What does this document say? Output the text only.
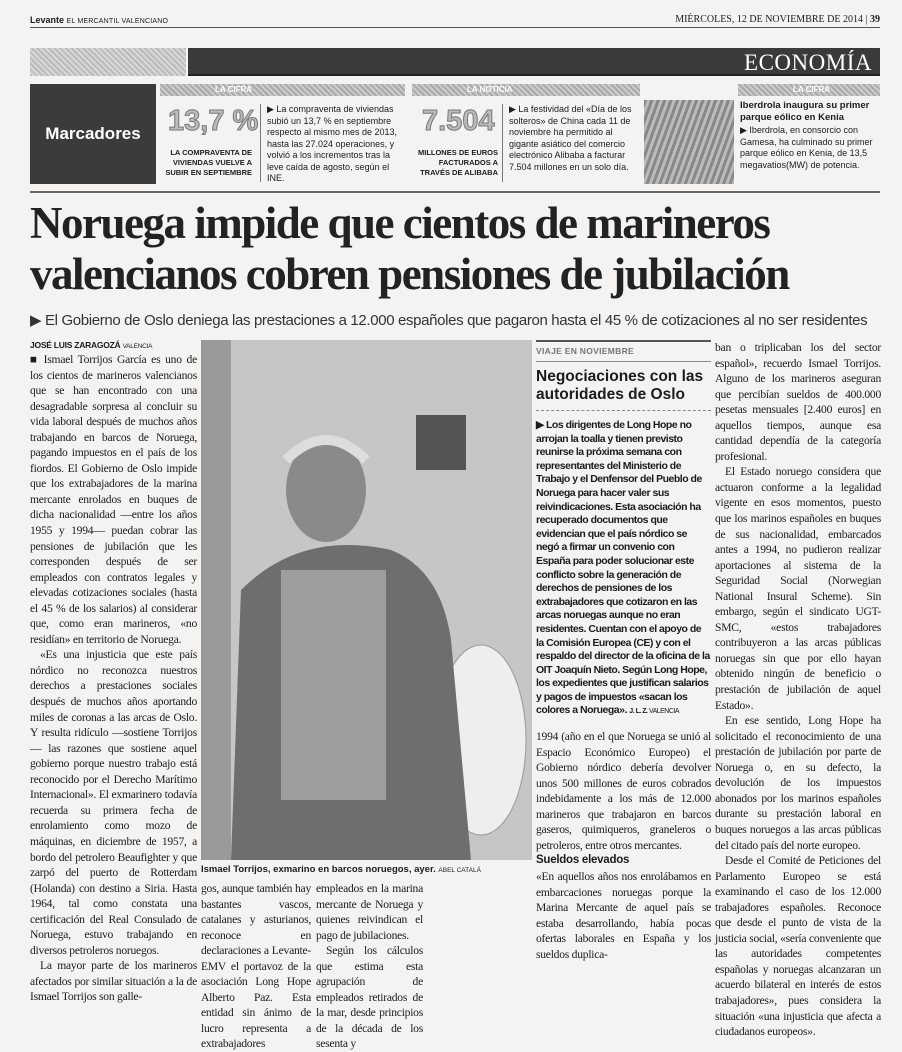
Levante EL MERCANTIL VALENCIANO	MIÉRCOLES, 12 DE NOVIEMBRE DE 2014 | 39
ECONOMÍA
Marcadores
LA CIFRA
13,7 %
LA COMPRAVENTA DE VIVIENDAS VUELVE A SUBIR EN SEPTIEMBRE
▶ La compraventa de viviendas subió un 13,7 % en septiembre respecto al mismo mes de 2013, hasta las 27.024 operaciones, y volvió a los incrementos tras la leve caída de agosto, según el INE.
LA NOTICIA
7.504
MILLONES DE EUROS FACTURADOS A TRAVÉS DE ALIBABA
▶ La festividad del «Día de los solteros» de China cada 11 de noviembre ha permitido al gigante asiático del comercio electrónico Alibaba a facturar 7.504 millones en un solo día.
LA CIFRA
Iberdrola inaugura su primer parque eólico en Kenia
▶ Iberdrola, en consorcio con Gamesa, ha culminado su primer parque eólico en Kenia, de 13,5 megavatios(MW) de potencia.
Noruega impide que cientos de marineros valencianos cobren pensiones de jubilación
▶ El Gobierno de Oslo deniega las prestaciones a 12.000 españoles que pagaron hasta el 45 % de cotizaciones al no ser residentes

JOSÉ LUIS ZARAGOZÁ VALENCIA

■ Ismael Torrijos García es uno de los cientos de marineros valencianos que se han encontrado con una desagradable sorpresa al concluir su vida laboral después de muchos años trabajando en barcos de Noruega, pagando impuestos en el país de los fiordos. El Gobierno de Oslo impide que los extrabajadores de la marina mercante enrolados en buques de dicha nacionalidad —entre los años 1955 y 1994— puedan cobrar las pensiones de jubilación que les corresponden después de ser empleados con contratos legales y elevadas cotizaciones sociales (hasta el 45 % de los salarios) al considerar que, como eran marineros, «no residían» en territorio de Noruega.

«Es una injusticia que este país nórdico no reconozca nuestros derechos a prestaciones sociales después de muchos años aportando miles de coronas a las arcas de Oslo. Y resulta ridículo —sostiene Torrijos— las razones que sostiene aquel gobierno porque nuestro trabajo está reconocido por el Derecho Marítimo Internacional». El exmarinero todavía recuerda su primera fecha de enrolamiento como mozo de máquinas, en diciembre de 1957, a bordo del petrolero Beaufighter y que zarpó del puerto de Rotterdam (Holanda) con destino a Siria. Hasta 1964, tal como constata una certificación del Real Consulado de Noruega, estuvo trabajando en diversos petroleros noruegos.

La mayor parte de los marineros afectados por similar situación a la de Ismael Torrijos son galle-

Ismael Torrijos, exmarino en barcos noruegos, ayer. ABEL CATALÁ

gos, aunque también hay bastantes vascos, catalanes y asturianos, reconoce en declaraciones a Levante-EMV el portavoz de la asociación Long Hope Alberto Paz. Esta entidad sin ánimo de lucro representa a extrabajadores

empleados en la marina mercante de Noruega y quienes reivindican el pago de jubilaciones.

Según los cálculos que estima esta agrupación de empleados retirados de la mar, desde principios de la década de los sesenta y

VIAJE EN NOVIEMBRE
Negociaciones con las autoridades de Oslo
▶ Los dirigentes de Long Hope no arrojan la toalla y tienen previsto reunirse la próxima semana con representantes del Ministerio de Trabajo y el Denfensor del Pueblo de Noruega para hacer valer sus reivindicaciones. Esta asociación ha recuperado documentos que evidencian que el país nórdico se negó a firmar un convenio con España para poder solucionar este conflicto sobre la generación de derechos de pensiones de los extrabajadores que cotizaron en las arcas noruegas aunque no eran residentes. Cuentan con el apoyo de la Comisión Europea (CE) y con el respaldo del director de la oficina de la OIT Joaquín Nieto. Según Long Hope, los expedientes que justifican salarios y pagos de impuestos «sacan los colores a Noruega». J. L. Z. VALENCIA

1994 (año en el que Noruega se unió al Espacio Económico Europeo) el Gobierno nórdico debería devolver unos 500 millones de euros cobrados indebidamente a los más de 12.000 marineros que trabajaron en barcos gaseros, quimiqueros, graneleros o petroleros, entre otros mercantes.

Sueldos elevados

«En aquellos años nos enrolábamos en embarcaciones noruegas porque la Marina Mercante de aquel país se estaba desarrollando, había pocas ofertas laborales en España y los sueldos duplica-

ban o triplicaban los del sector español», recuerdo Ismael Torrijos. Alguno de los marineros aseguran que percibían sueldos de 400.000 pesetas mensuales [2.400 euros] en aquellos tiempos, aunque esa cantidad dependía de la categoría profesional.

El Estado noruego considera que actuaron conforme a la legalidad vigente en esos momentos, puesto que los marinos españoles en buques de sus nacionalidad, embarcados antes a 1994, no pudieron realizar aportaciones al sistema de la Seguridad Social (Norwegian National Insural Scheme). Sin embargo, según el sindicato UGT-SMC, «estos trabajadores contribuyeron a las arcas públicas noruegas sin que por ello hayan obtenido ningún de beneficio o prestación de jubilación de aquel Estado».

En ese sentido, Long Hope ha solicitado el reconocimiento de una prestación de jubilación por parte de Noruega o, en su defecto, la devolución de los impuestos abonados por los marinos españoles durante su prestación laboral en buques noruegos a las arcas públicas del citado país del norte europeo.

Desde el Comité de Peticiones del Parlamento Europeo se está examinando el caso de los 12.000 trabajadores españoles. Reconoce que desde el punto de vista de la justicia social, «sería conveniente que las autoridades competentes españolas y noruegas alcanzaran un acuerdo bilateral en interés de estos trabajadores», pues considera la situación «una injusticia que afecta a ciudadanos europeos».
